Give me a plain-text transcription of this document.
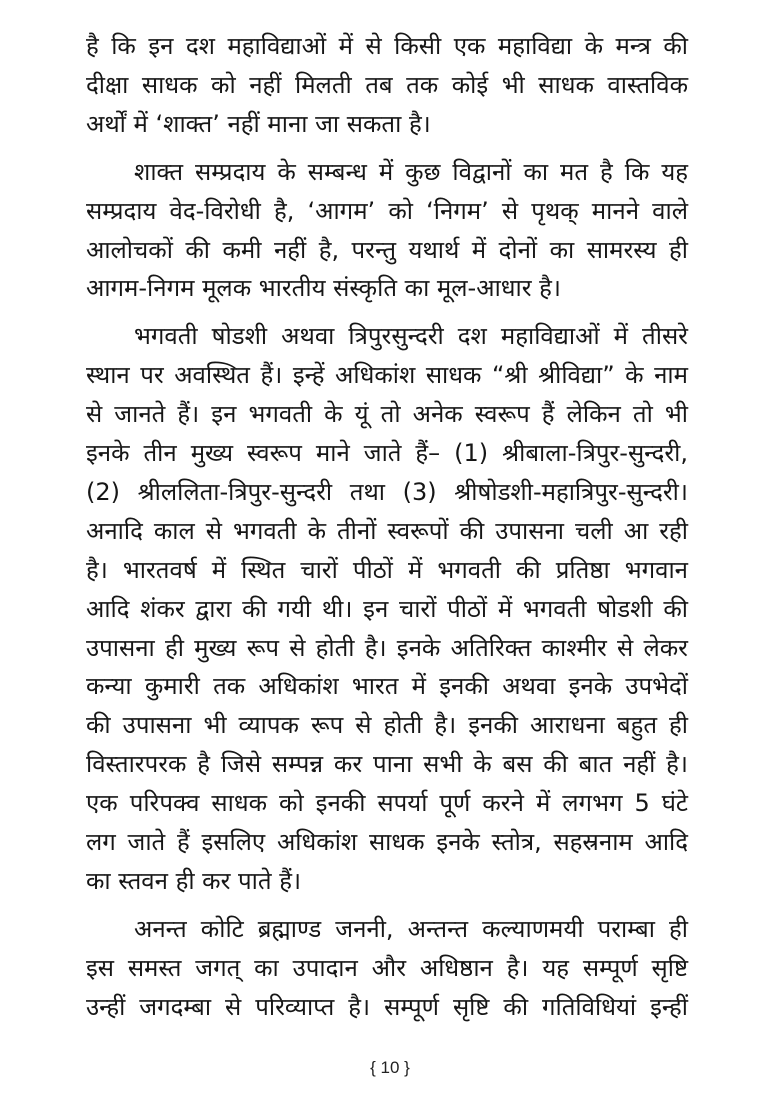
है कि इन दश महाविद्याओं में से किसी एक महाविद्या के मन्त्र की
दीक्षा साधक को नहीं मिलती तब तक कोई भी साधक वास्तविक
अर्थों में ‘शाक्त’ नहीं माना जा सकता है।
शाक्त सम्प्रदाय के सम्बन्ध में कुछ विद्वानों का मत है कि यह
सम्प्रदाय वेद-विरोधी है, ‘आगम’ को ‘निगम’ से पृथक् मानने वाले
आलोचकों की कमी नहीं है, परन्तु यथार्थ में दोनों का सामरस्य ही
आगम-निगम मूलक भारतीय संस्कृति का मूल-आधार है।
भगवती षोडशी अथवा त्रिपुरसुन्दरी दश महाविद्याओं में तीसरे
स्थान पर अवस्थित हैं। इन्हें अधिकांश साधक “श्री श्रीविद्या” के नाम
से जानते हैं। इन भगवती के यूं तो अनेक स्वरूप हैं लेकिन तो भी
इनके तीन मुख्य स्वरूप माने जाते हैं– (1) श्रीबाला-त्रिपुर-सुन्दरी,
(2) श्रीललिता-त्रिपुर-सुन्दरी तथा (3) श्रीषोडशी-महात्रिपुर-सुन्दरी।
अनादि काल से भगवती के तीनों स्वरूपों की उपासना चली आ रही
है। भारतवर्ष में स्थित चारों पीठों में भगवती की प्रतिष्ठा भगवान
आदि शंकर द्वारा की गयी थी। इन चारों पीठों में भगवती षोडशी की
उपासना ही मुख्य रूप से होती है। इनके अतिरिक्त काश्मीर से लेकर
कन्या कुमारी तक अधिकांश भारत में इनकी अथवा इनके उपभेदों
की उपासना भी व्यापक रूप से होती है। इनकी आराधना बहुत ही
विस्तारपरक है जिसे सम्पन्न कर पाना सभी के बस की बात नहीं है।
एक परिपक्व साधक को इनकी सपर्या पूर्ण करने में लगभग 5 घंटे
लग जाते हैं इसलिए अधिकांश साधक इनके स्तोत्र, सहस्रनाम आदि
का स्तवन ही कर पाते हैं।
अनन्त कोटि ब्रह्माण्ड जननी, अन्तन्त कल्याणमयी पराम्बा ही
इस समस्त जगत् का उपादान और अधिष्ठान है। यह सम्पूर्ण सृष्टि
उन्हीं जगदम्बा से परिव्याप्त है। सम्पूर्ण सृष्टि की गतिविधियां इन्हीं
{ 10 }
